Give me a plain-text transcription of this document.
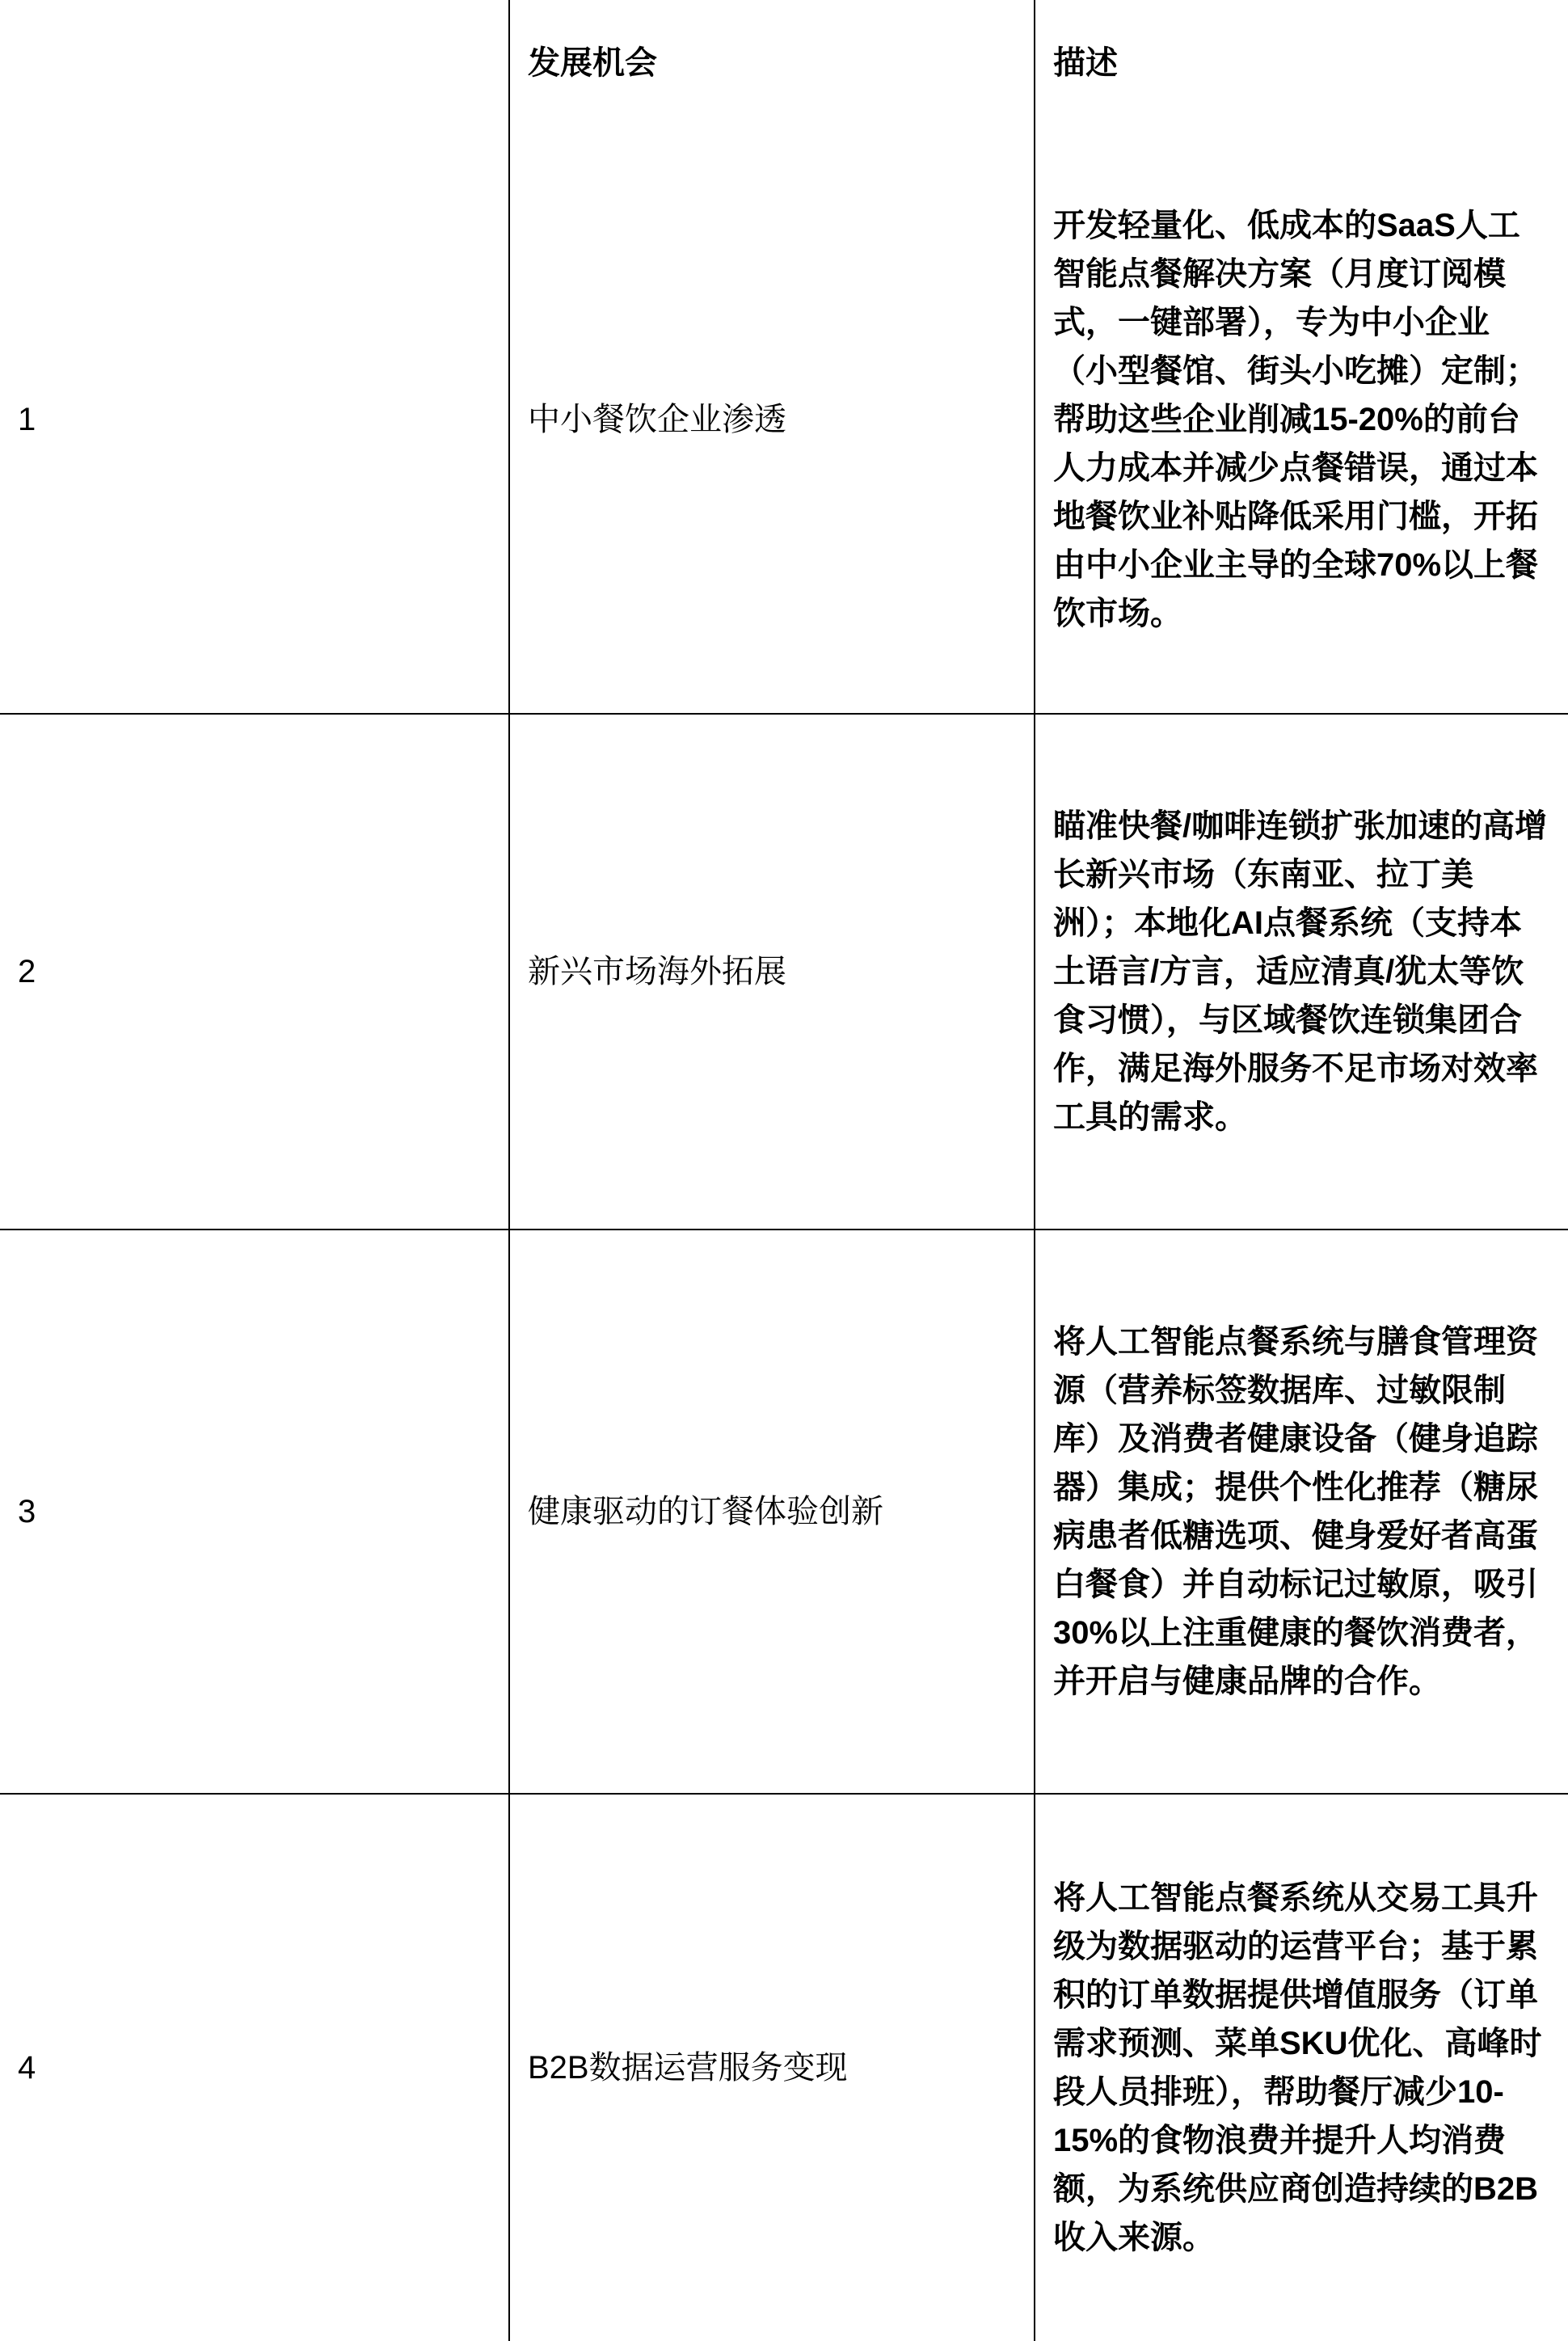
	发展机会	描述
1	中小餐饮企业渗透	开发轻量化、低成本的SaaS人工智能点餐解决方案（月度订阅模式，一键部署），专为中小企业（小型餐馆、街头小吃摊）定制；帮助这些企业削减15-20%的前台人力成本并减少点餐错误，通过本地餐饮业补贴降低采用门槛，开拓由中小企业主导的全球70%以上餐饮市场。
2	新兴市场海外拓展	瞄准快餐/咖啡连锁扩张加速的高增长新兴市场（东南亚、拉丁美洲）；本地化AI点餐系统（支持本土语言/方言，适应清真/犹太等饮食习惯），与区域餐饮连锁集团合作，满足海外服务不足市场对效率工具的需求。
3	健康驱动的订餐体验创新	将人工智能点餐系统与膳食管理资源（营养标签数据库、过敏限制库）及消费者健康设备（健身追踪器）集成；提供个性化推荐（糖尿病患者低糖选项、健身爱好者高蛋白餐食）并自动标记过敏原，吸引30%以上注重健康的餐饮消费者，并开启与健康品牌的合作。
4	B2B数据运营服务变现	将人工智能点餐系统从交易工具升级为数据驱动的运营平台；基于累积的订单数据提供增值服务（订单需求预测、菜单SKU优化、高峰时段人员排班），帮助餐厅减少10-15%的食物浪费并提升人均消费额，为系统供应商创造持续的B2B收入来源。
